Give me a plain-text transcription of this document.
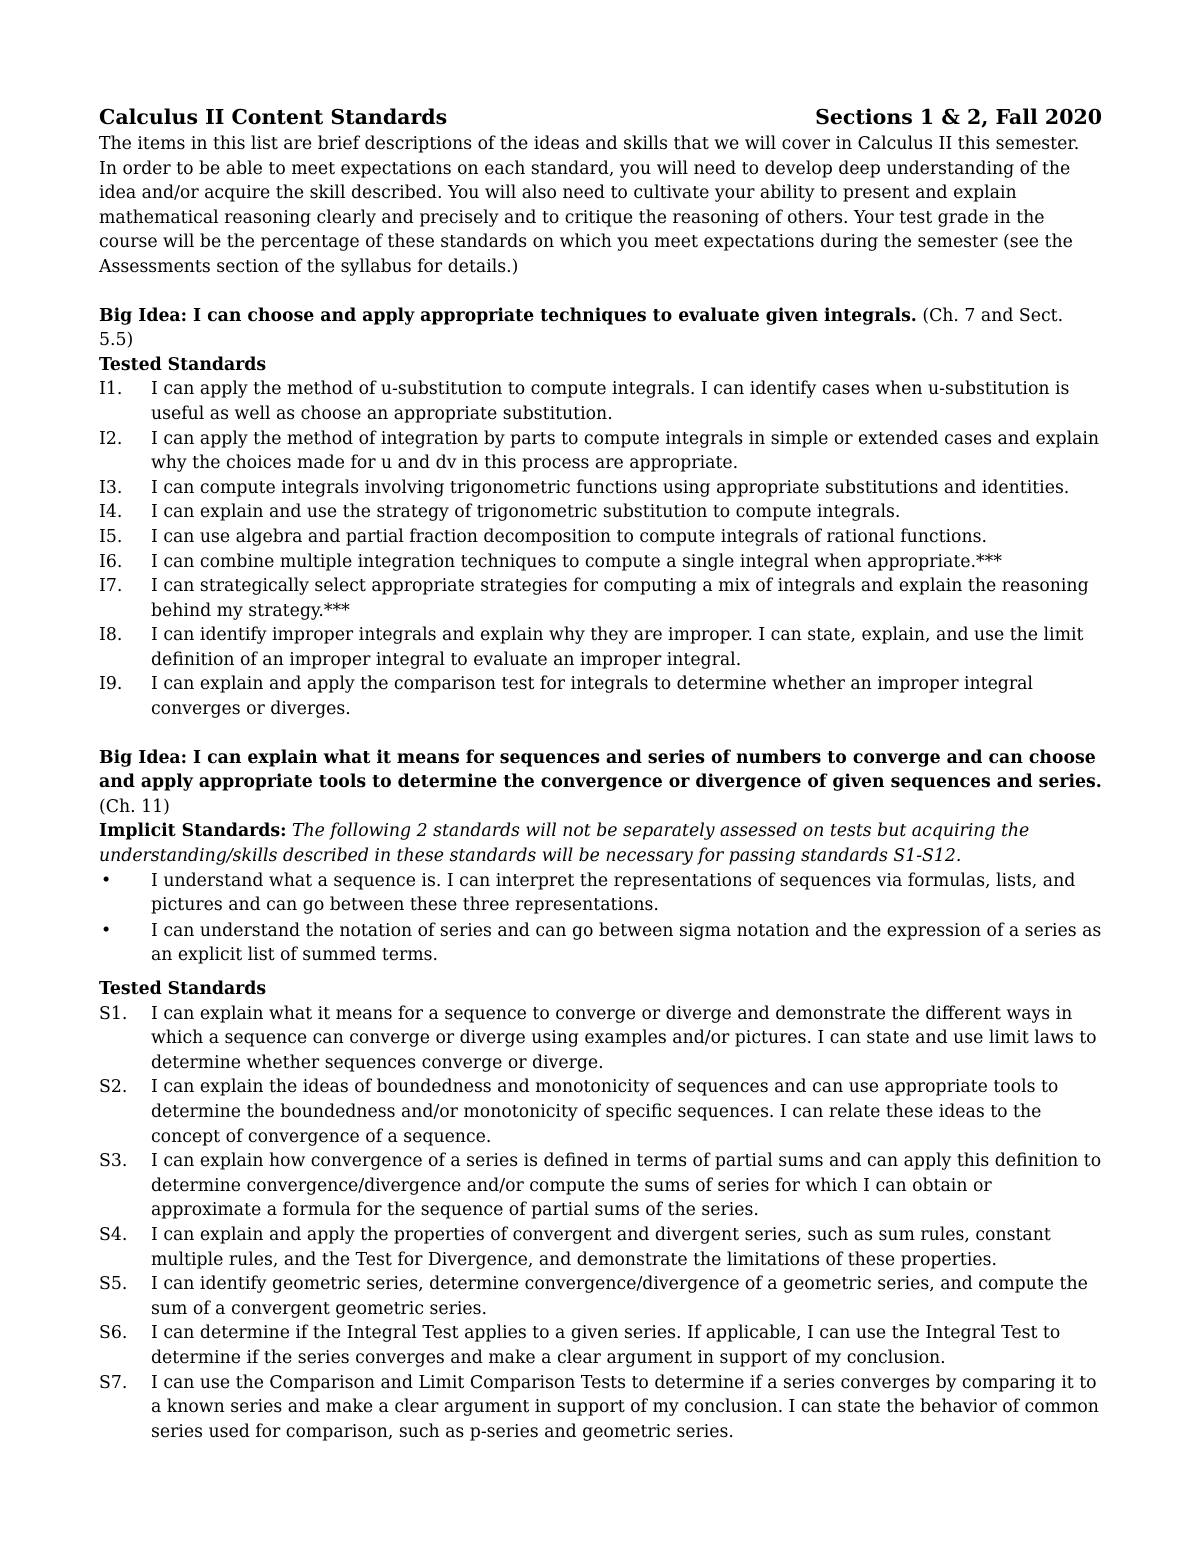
Calculus II Content Standards	Sections 1 & 2, Fall 2020

The items in this list are brief descriptions of the ideas and skills that we will cover in Calculus II this semester. In order to be able to meet expectations on each standard, you will need to develop deep understanding of the idea and/or acquire the skill described. You will also need to cultivate your ability to present and explain mathematical reasoning clearly and precisely and to critique the reasoning of others. Your test grade in the course will be the percentage of these standards on which you meet expectations during the semester (see the Assessments section of the syllabus for details.)

Big Idea: I can choose and apply appropriate techniques to evaluate given integrals. (Ch. 7 and Sect. 5.5)

Tested Standards

I1.	I can apply the method of u-substitution to compute integrals. I can identify cases when u-substitution is useful as well as choose an appropriate substitution.
I2.	I can apply the method of integration by parts to compute integrals in simple or extended cases and explain why the choices made for u and dv in this process are appropriate.
I3.	I can compute integrals involving trigonometric functions using appropriate substitutions and identities.
I4.	I can explain and use the strategy of trigonometric substitution to compute integrals.
I5.	I can use algebra and partial fraction decomposition to compute integrals of rational functions.
I6.	I can combine multiple integration techniques to compute a single integral when appropriate.***
I7.	I can strategically select appropriate strategies for computing a mix of integrals and explain the reasoning behind my strategy.***
I8.	I can identify improper integrals and explain why they are improper. I can state, explain, and use the limit definition of an improper integral to evaluate an improper integral.
I9.	I can explain and apply the comparison test for integrals to determine whether an improper integral converges or diverges.

Big Idea: I can explain what it means for sequences and series of numbers to converge and can choose and apply appropriate tools to determine the convergence or divergence of given sequences and series. (Ch. 11)

Implicit Standards: The following 2 standards will not be separately assessed on tests but acquiring the understanding/skills described in these standards will be necessary for passing standards S1-S12.

•	I understand what a sequence is. I can interpret the representations of sequences via formulas, lists, and pictures and can go between these three representations.
•	I can understand the notation of series and can go between sigma notation and the expression of a series as an explicit list of summed terms.

Tested Standards

S1.	I can explain what it means for a sequence to converge or diverge and demonstrate the different ways in which a sequence can converge or diverge using examples and/or pictures. I can state and use limit laws to determine whether sequences converge or diverge.
S2.	I can explain the ideas of boundedness and monotonicity of sequences and can use appropriate tools to determine the boundedness and/or monotonicity of specific sequences. I can relate these ideas to the concept of convergence of a sequence.
S3.	I can explain how convergence of a series is defined in terms of partial sums and can apply this definition to determine convergence/divergence and/or compute the sums of series for which I can obtain or approximate a formula for the sequence of partial sums of the series.
S4.	I can explain and apply the properties of convergent and divergent series, such as sum rules, constant multiple rules, and the Test for Divergence, and demonstrate the limitations of these properties.
S5.	I can identify geometric series, determine convergence/divergence of a geometric series, and compute the sum of a convergent geometric series.
S6.	I can determine if the Integral Test applies to a given series. If applicable, I can use the Integral Test to determine if the series converges and make a clear argument in support of my conclusion.
S7.	I can use the Comparison and Limit Comparison Tests to determine if a series converges by comparing it to a known series and make a clear argument in support of my conclusion. I can state the behavior of common series used for comparison, such as p-series and geometric series.
